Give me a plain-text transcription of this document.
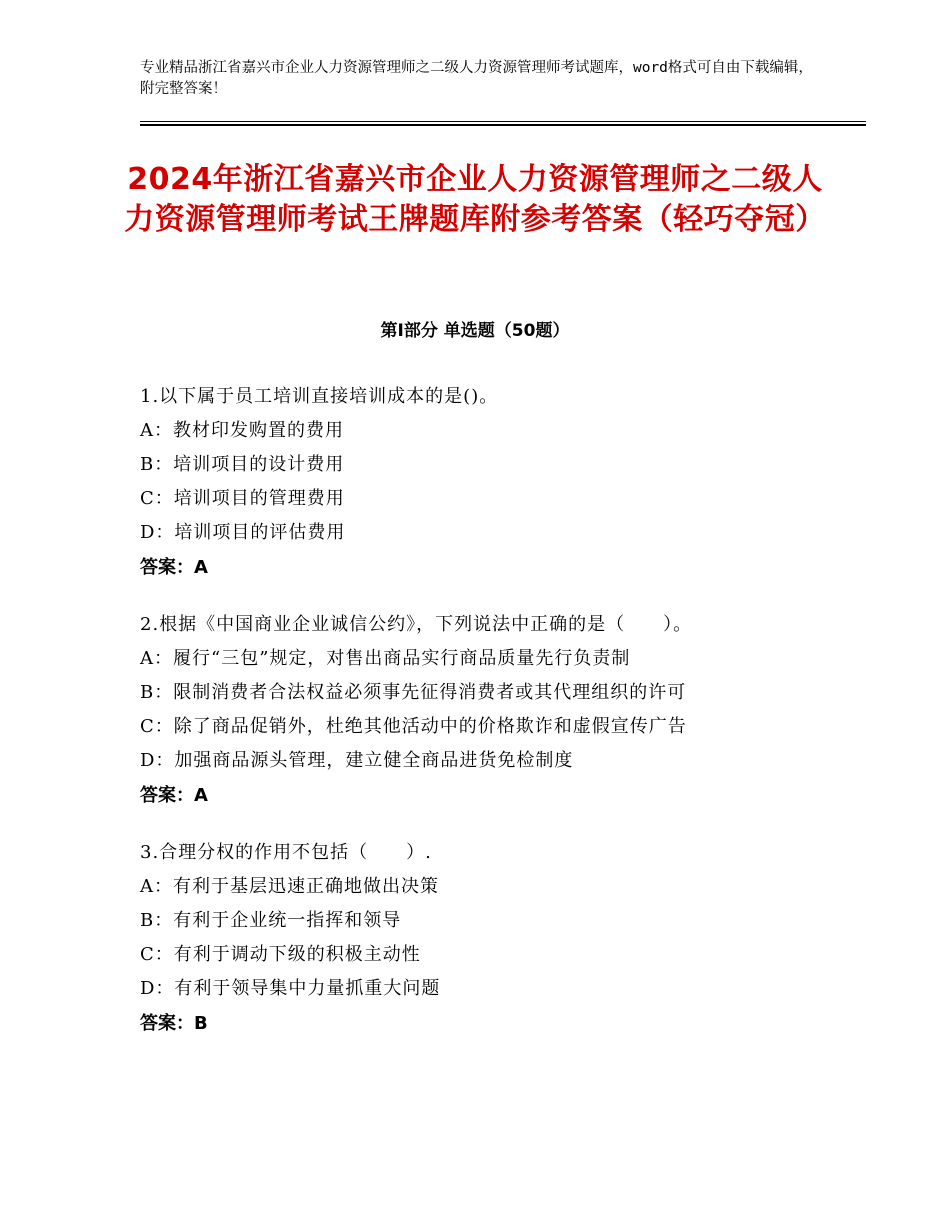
专业精品浙江省嘉兴市企业人力资源管理师之二级人力资源管理师考试题库，word格式可自由下载编辑，附完整答案！
2024年浙江省嘉兴市企业人力资源管理师之二级人力资源管理师考试王牌题库附参考答案（轻巧夺冠）
第Ⅰ部分 单选题（50题）
1.以下属于员工培训直接培训成本的是()。
A：教材印发购置的费用
B：培训项目的设计费用
C：培训项目的管理费用
D：培训项目的评估费用
答案：A
2.根据《中国商业企业诚信公约》，下列说法中正确的是（　　）。
A：履行“三包”规定，对售出商品实行商品质量先行负责制
B：限制消费者合法权益必须事先征得消费者或其代理组织的许可
C：除了商品促销外，杜绝其他活动中的价格欺诈和虚假宣传广告
D：加强商品源头管理，建立健全商品进货免检制度
答案：A
3.合理分权的作用不包括（　　）.
A：有利于基层迅速正确地做出决策
B：有利于企业统一指挥和领导
C：有利于调动下级的积极主动性
D：有利于领导集中力量抓重大问题
答案：B
